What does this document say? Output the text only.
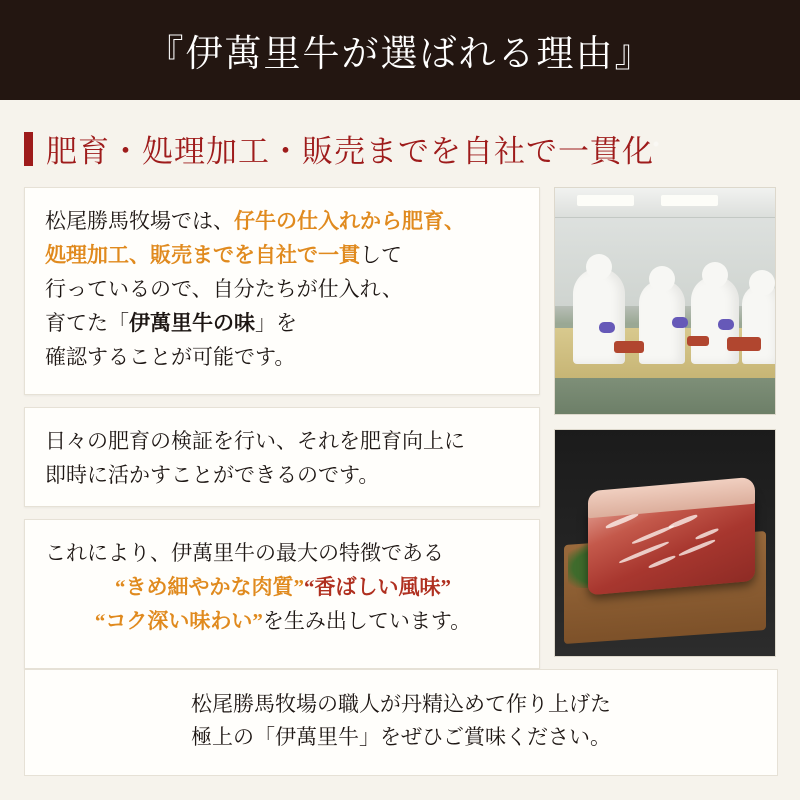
『伊萬里牛が選ばれる理由』
肥育・処理加工・販売までを自社で一貫化

松尾勝馬牧場では、仔牛の仕入れから肥育、
処理加工、販売までを自社で一貫して
行っているので、自分たちが仕入れ、
育てた「伊萬里牛の味」を
確認することが可能です。

日々の肥育の検証を行い、それを肥育向上に
即時に活かすことができるのです。

これにより、伊萬里牛の最大の特徴である

“きめ細やかな肉質”“香ばしい風味”

“コク深い味わい”を生み出しています。

松尾勝馬牧場の職人が丹精込めて作り上げた

極上の「伊萬里牛」をぜひご賞味ください。
